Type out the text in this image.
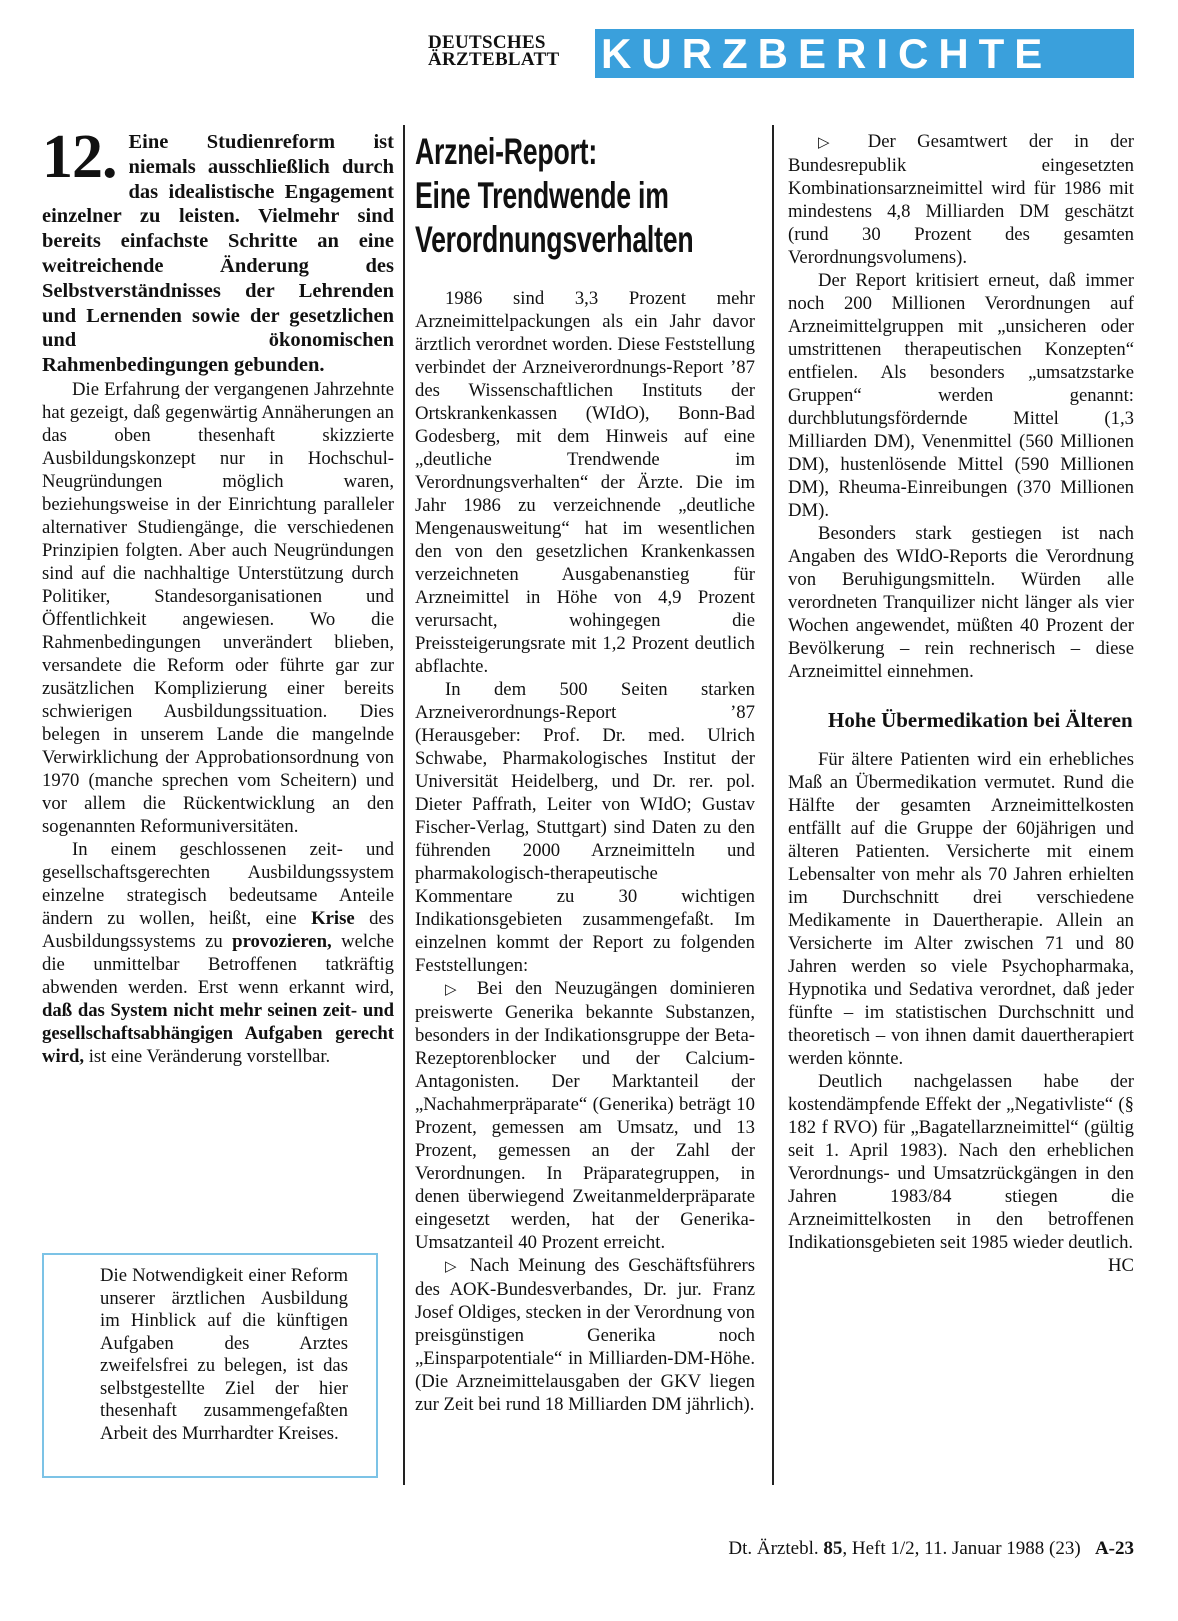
DEUTSCHES
ÄRZTEBLATT KURZBERICHTE

12. Eine Studienreform ist niemals ausschließlich durch das idealistische Engagement einzelner zu leisten. Vielmehr sind bereits einfachste Schritte an eine weitreichende Änderung des Selbstverständnisses der Lehrenden und Lernenden sowie der gesetzlichen und ökonomischen Rahmenbedingungen gebunden.

Die Erfahrung der vergangenen Jahrzehnte hat gezeigt, daß gegenwärtig Annäherungen an das oben thesenhaft skizzierte Ausbildungskonzept nur in Hochschul-Neugründungen möglich waren, beziehungsweise in der Einrichtung paralleler alternativer Studiengänge, die verschiedenen Prinzipien folgten. Aber auch Neugründungen sind auf die nachhaltige Unterstützung durch Politiker, Standesorganisationen und Öffentlichkeit angewiesen. Wo die Rahmenbedingungen unverändert blieben, versandete die Reform oder führte gar zur zusätzlichen Komplizierung einer bereits schwierigen Ausbildungssituation. Dies belegen in unserem Lande die mangelnde Verwirklichung der Approbationsordnung von 1970 (manche sprechen vom Scheitern) und vor allem die Rückentwicklung an den sogenannten Reformuniversitäten.

In einem geschlossenen zeit- und gesellschaftsgerechten Ausbildungssystem einzelne strategisch bedeutsame Anteile ändern zu wollen, heißt, eine Krise des Ausbildungssystems zu provozieren, welche die unmittelbar Betroffenen tatkräftig abwenden werden. Erst wenn erkannt wird, daß das System nicht mehr seinen zeit- und gesellschaftsabhängigen Aufgaben gerecht wird, ist eine Veränderung vorstellbar.

Die Notwendigkeit einer Reform unserer ärztlichen Ausbildung im Hinblick auf die künftigen Aufgaben des Arztes zweifelsfrei zu belegen, ist das selbstgestellte Ziel der hier thesenhaft zusammengefaßten Arbeit des Murrhardter Kreises.
Arznei-Report:
Eine Trendwende im
Verordnungsverhalten

1986 sind 3,3 Prozent mehr Arzneimittelpackungen als ein Jahr davor ärztlich verordnet worden. Diese Feststellung verbindet der Arzneiverordnungs-Report ’87 des Wissenschaftlichen Instituts der Ortskrankenkassen (WIdO), Bonn-Bad Godesberg, mit dem Hinweis auf eine „deutliche Trendwende im Verordnungsverhalten“ der Ärzte. Die im Jahr 1986 zu verzeichnende „deutliche Mengenausweitung“ hat im wesentlichen den von den gesetzlichen Krankenkassen verzeichneten Ausgabenanstieg für Arzneimittel in Höhe von 4,9 Prozent verursacht, wohingegen die Preissteigerungsrate mit 1,2 Prozent deutlich abflachte.

In dem 500 Seiten starken Arzneiverordnungs-Report ’87 (Herausgeber: Prof. Dr. med. Ulrich Schwabe, Pharmakologisches Institut der Universität Heidelberg, und Dr. rer. pol. Dieter Paffrath, Leiter von WIdO; Gustav Fischer-Verlag, Stuttgart) sind Daten zu den führenden 2000 Arzneimitteln und pharmakologisch-therapeutische Kommentare zu 30 wichtigen Indikationsgebieten zusammengefaßt. Im einzelnen kommt der Report zu folgenden Feststellungen:

▷ Bei den Neuzugängen dominieren preiswerte Generika bekannte Substanzen, besonders in der Indikationsgruppe der Beta-Rezeptorenblocker und der Calcium-Antagonisten. Der Marktanteil der „Nachahmerpräparate“ (Generika) beträgt 10 Prozent, gemessen am Umsatz, und 13 Prozent, gemessen an der Zahl der Verordnungen. In Präparategruppen, in denen überwiegend Zweitanmelderpräparate eingesetzt werden, hat der Generika-Umsatzanteil 40 Prozent erreicht.

▷ Nach Meinung des Geschäftsführers des AOK-Bundesverbandes, Dr. jur. Franz Josef Oldiges, stecken in der Verordnung von preisgünstigen Generika noch „Einsparpotentiale“ in Milliarden-DM-Höhe. (Die Arzneimittelausgaben der GKV liegen zur Zeit bei rund 18 Milliarden DM jährlich).

▷ Der Gesamtwert der in der Bundesrepublik eingesetzten Kombinationsarzneimittel wird für 1986 mit mindestens 4,8 Milliarden DM geschätzt (rund 30 Prozent des gesamten Verordnungsvolumens).

Der Report kritisiert erneut, daß immer noch 200 Millionen Verordnungen auf Arzneimittelgruppen mit „unsicheren oder umstrittenen therapeutischen Konzepten“ entfielen. Als besonders „umsatzstarke Gruppen“ werden genannt: durchblutungsfördernde Mittel (1,3 Milliarden DM), Venenmittel (560 Millionen DM), hustenlösende Mittel (590 Millionen DM), Rheuma-Einreibungen (370 Millionen DM).

Besonders stark gestiegen ist nach Angaben des WIdO-Reports die Verordnung von Beruhigungsmitteln. Würden alle verordneten Tranquilizer nicht länger als vier Wochen angewendet, müßten 40 Prozent der Bevölkerung – rein rechnerisch – diese Arzneimittel einnehmen.

Hohe Übermedikation bei Älteren

Für ältere Patienten wird ein erhebliches Maß an Übermedikation vermutet. Rund die Hälfte der gesamten Arzneimittelkosten entfällt auf die Gruppe der 60jährigen und älteren Patienten. Versicherte mit einem Lebensalter von mehr als 70 Jahren erhielten im Durchschnitt drei verschiedene Medikamente in Dauertherapie. Allein an Versicherte im Alter zwischen 71 und 80 Jahren werden so viele Psychopharmaka, Hypnotika und Sedativa verordnet, daß jeder fünfte – im statistischen Durchschnitt und theoretisch – von ihnen damit dauertherapiert werden könnte.

Deutlich nachgelassen habe der kostendämpfende Effekt der „Negativliste“ (§ 182 f RVO) für „Bagatellarzneimittel“ (gültig seit 1. April 1983). Nach den erheblichen Verordnungs- und Umsatzrückgängen in den Jahren 1983/84 stiegen die Arzneimittelkosten in den betroffenen Indikationsgebieten seit 1985 wieder deutlich.
HC

Dt. Ärztebl. 85, Heft 1/2, 11. Januar 1988 (23) A-23
